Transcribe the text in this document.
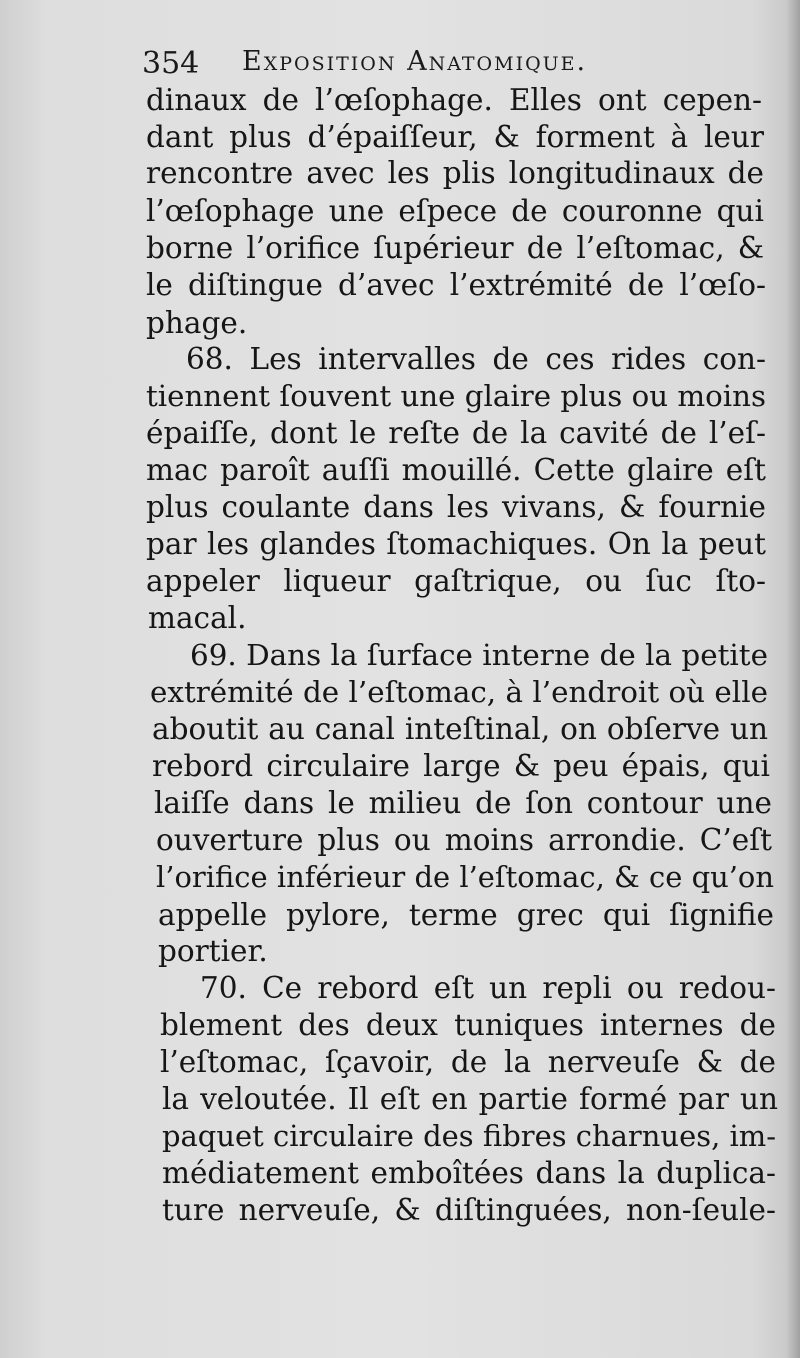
354 Exposition Anatomique.
dinaux de l’œſophage. Elles ont cepen-
dant plus d’épaiſſeur, & forment à leur
rencontre avec les plis longitudinaux de
l’œſophage une eſpece de couronne qui
borne l’orifice ſupérieur de l’eſtomac, &
le diſtingue d’avec l’extrémité de l’œſo-
phage.
68. Les intervalles de ces rides con-
tiennent ſouvent une glaire plus ou moins
épaiſſe, dont le reſte de la cavité de l’eſ-
mac paroît auſſi mouillé. Cette glaire eſt
plus coulante dans les vivans, & fournie
par les glandes ſtomachiques. On la peut
appeler liqueur gaſtrique, ou ſuc ſto-
macal.
69. Dans la ſurface interne de la petite
extrémité de l’eſtomac, à l’endroit où elle
aboutit au canal inteſtinal, on obſerve un
rebord circulaire large & peu épais, qui
laiſſe dans le milieu de ſon contour une
ouverture plus ou moins arrondie. C’eſt
l’orifice inférieur de l’eſtomac, & ce qu’on
appelle pylore, terme grec qui ſignifie
portier.
70. Ce rebord eſt un repli ou redou-
blement des deux tuniques internes de
l’eſtomac, ſçavoir, de la nerveuſe & de
la veloutée. Il eſt en partie formé par un
paquet circulaire des fibres charnues, im-
médiatement emboîtées dans la duplica-
ture nerveuſe, & diſtinguées, non-ſeule-
